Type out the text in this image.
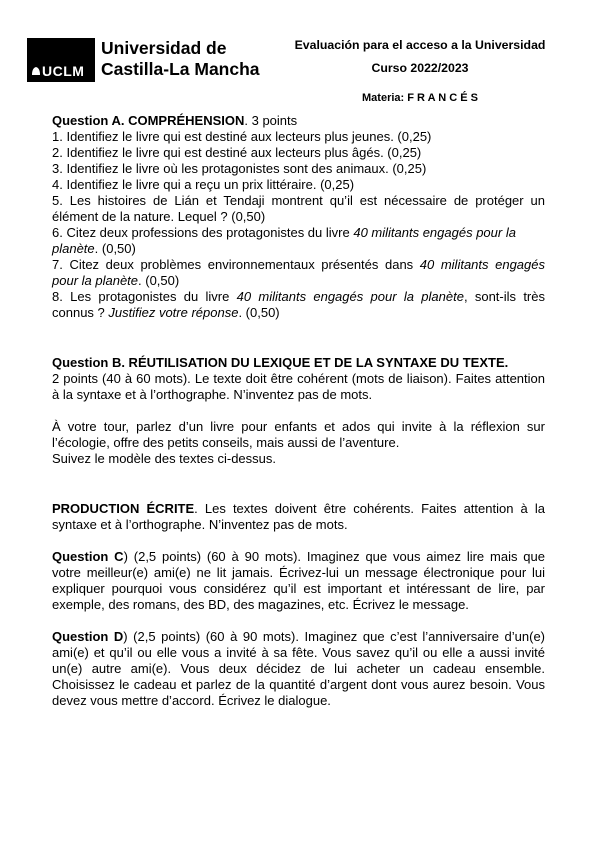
UCLM
Universidad de
Castilla-La Mancha
Evaluación para el acceso a la Universidad
Curso 2022/2023
Materia: F R A N C É S

Question A. COMPRÉHENSION. 3 points

1. Identifiez le livre qui est destiné aux lecteurs plus jeunes. (0,25)

2. Identifiez le livre qui est destiné aux lecteurs plus âgés. (0,25)

3. Identifiez le livre où les protagonistes sont des animaux. (0,25)

4. Identifiez le livre qui a reçu un prix littéraire. (0,25)

5. Les histoires de Lián et Tendaji montrent qu’il est nécessaire de protéger un élément de la nature. Lequel ? (0,50)

6. Citez deux professions des protagonistes du livre 40 militants engagés pour la planète. (0,50)

7. Citez deux problèmes environnementaux présentés dans 40 militants engagés pour la planète. (0,50)

8. Les protagonistes du livre 40 militants engagés pour la planète, sont-ils très connus ? Justifiez votre réponse. (0,50)

Question B. RÉUTILISATION DU LEXIQUE ET DE LA SYNTAXE DU TEXTE.

2 points (40 à 60 mots). Le texte doit être cohérent (mots de liaison). Faites attention à la syntaxe et à l’orthographe. N’inventez pas de mots.

À votre tour, parlez d’un livre pour enfants et ados qui invite à la réflexion sur l’écologie, offre des petits conseils, mais aussi de l’aventure.

Suivez le modèle des textes ci-dessus.

PRODUCTION ÉCRITE. Les textes doivent être cohérents. Faites attention à la syntaxe et à l’orthographe. N’inventez pas de mots.

Question C) (2,5 points) (60 à 90 mots). Imaginez que vous aimez lire mais que votre meilleur(e) ami(e) ne lit jamais. Écrivez-lui un message électronique pour lui expliquer pourquoi vous considérez qu’il est important et intéressant de lire, par exemple, des romans, des BD, des magazines, etc. Écrivez le message.

Question D) (2,5 points) (60 à 90 mots). Imaginez que c’est l’anniversaire d’un(e) ami(e) et qu’il ou elle vous a invité à sa fête. Vous savez qu’il ou elle a aussi invité un(e) autre ami(e). Vous deux décidez de lui acheter un cadeau ensemble. Choisissez le cadeau et parlez de la quantité d’argent dont vous aurez besoin. Vous devez vous mettre d’accord. Écrivez le dialogue.
